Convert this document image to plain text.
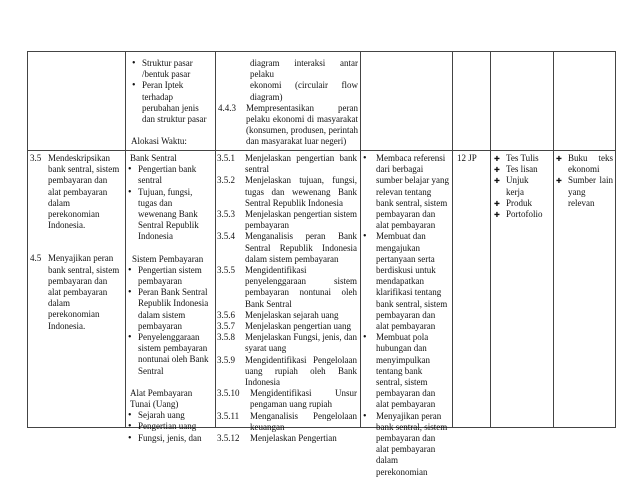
• Struktur pasar /bentuk pasar
• Peran Iptek terhadap perubahan jenis dan struktur pasar
Alokasi Waktu:
diagram interaksi antar pelaku
ekonomi (circulair flow
diagram)
4.4.3 Mempresentasikan peran pelaku ekonomi di masyarakat (konsumen, produsen, perintah dan masyarakat luar negeri)
3.5 Mendeskripsikan bank sentral, sistem pembayaran dan alat pembayaran dalam perekonomian Indonesia.
4.5 Menyajikan peran bank sentral, sistem pembayaran dan alat pembayaran dalam perekonomian Indonesia.
Bank Sentral
• Pengertian bank sentral
• Tujuan, fungsi, tugas dan wewenang Bank Sentral Republik Indonesia
Sistem Pembayaran
• Pengertian sistem pembayaran
• Peran Bank Sentral Republik Indonesia dalam sistem pembayaran
• Penyelenggaraan sistem pembayaran nontunai oleh Bank Sentral
Alat Pembayaran Tunai (Uang)
• Sejarah uang
• Pengertian uang
• Fungsi, jenis, dan
3.5.1 Menjelaskan pengertian bank sentral
3.5.2 Menjelaskan tujuan, fungsi, tugas dan wewenang Bank Sentral Republik Indonesia
3.5.3 Menjelaskan pengertian sistem pembayaran
3.5.4 Menganalisis peran Bank Sentral Republik Indonesia dalam sistem pembayaran
3.5.5 Mengidentifikasi penyelenggaraan sistem pembayaran nontunai oleh Bank Sentral
3.5.6 Menjelaskan sejarah uang
3.5.7 Menjelaskan pengertian uang
3.5.8 Menjelaskan Fungsi, jenis, dan syarat uang
3.5.9 Mengidentifikasi Pengelolaan uang rupiah oleh Bank Indonesia
3.5.10 Mengidentifikasi Unsur pengaman uang rupiah
3.5.11 Menganalisis Pengelolaan keuangan
3.5.12 Menjelaskan Pengertian
• Membaca referensi dari berbagai sumber belajar yang relevan tentang bank sentral, sistem pembayaran dan alat pembayaran
• Membuat dan mengajukan pertanyaan serta berdiskusi untuk mendapatkan klarifikasi tentang bank sentral, sistem pembayaran dan alat pembayaran
• Membuat pola hubungan dan menyimpulkan tentang bank sentral, sistem pembayaran dan alat pembayaran
• Menyajikan peran bank sentral, sistem pembayaran dan alat pembayaran dalam perekonomian
12 JP
✚	Tes Tulis
✚ Tes lisan
✚ Unjuk kerja
✚ Produk
✚ Portofolio
✚ Buku teks ekonomi
✚ Sumber lain yang relevan
